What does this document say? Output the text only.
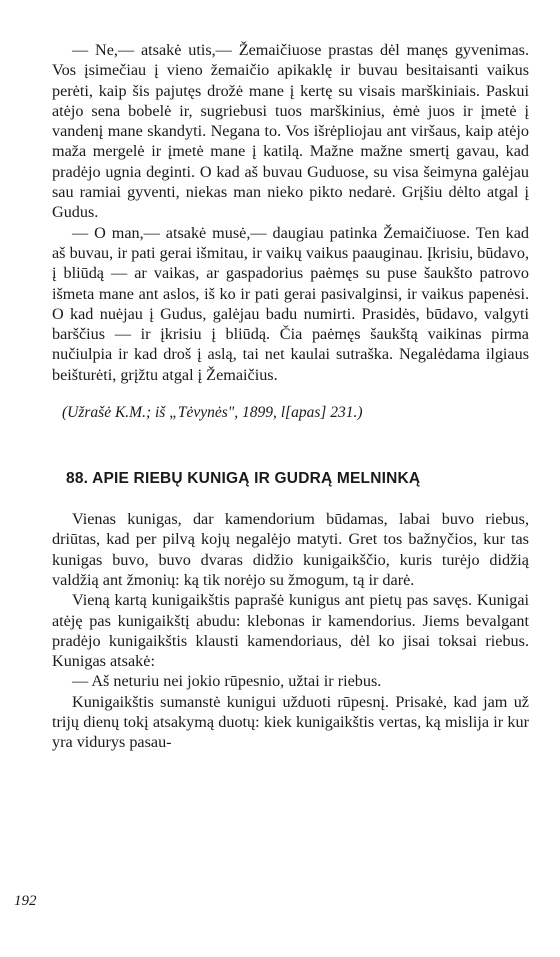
— Ne,— atsakė utis,— Žemaičiuose prastas dėl manęs gyvenimas. Vos įsimečiau į vieno žemaičio apikaklę ir buvau besitaisanti vaikus perėti, kaip šis pajutęs drožė mane į kertę su visais marškiniais. Paskui atėjo sena bobelė ir, sugriebusi tuos marškinius, ėmė juos ir įmetė į vandenį mane skandyti. Negana to. Vos išrėpliojau ant viršaus, kaip atėjo maža mergelė ir įmetė mane į katilą. Mažne mažne smertį gavau, kad pradėjo ugnia deginti. O kad aš buvau Guduose, su visa šeimyna galėjau sau ramiai gyventi, niekas man nieko pikto nedarė. Grįšiu dėlto atgal į Gudus.

— O man,— atsakė musė,— daugiau patinka Žemaičiuose. Ten kad aš buvau, ir pati gerai išmitau, ir vaikų vaikus paauginau. Įkrisiu, būdavo, į bliūdą — ar vaikas, ar gaspadorius paėmęs su puse šaukšto patrovo išmeta mane ant aslos, iš ko ir pati gerai pasivalginsi, ir vaikus papenėsi. O kad nuėjau į Gudus, galėjau badu numirti. Prasidės, būdavo, valgyti barščius — ir įkrisiu į bliūdą. Čia paėmęs šaukštą vaikinas pirma nučiulpia ir kad droš į aslą, tai net kaulai sutraška. Negalėdama ilgiaus beišturėti, grįžtu atgal į Žemaičius.

(Užrašė K.M.; iš „Tėvynės", 1899, l[apas] 231.)

88. APIE RIEBŲ KUNIGĄ IR GUDRĄ MELNINKĄ

Vienas kunigas, dar kamendorium būdamas, labai buvo riebus, driūtas, kad per pilvą kojų negalėjo matyti. Gret tos bažnyčios, kur tas kunigas buvo, buvo dvaras didžio kunigaikščio, kuris turėjo didžią valdžią ant žmonių: ką tik norėjo su žmogum, tą ir darė.

Vieną kartą kunigaikštis paprašė kunigus ant pietų pas savęs. Kunigai atėję pas kunigaikštį abudu: klebonas ir kamendorius. Jiems bevalgant pradėjo kunigaikštis klausti kamendoriaus, dėl ko jisai toksai riebus. Kunigas atsakė:

— Aš neturiu nei jokio rūpesnio, užtai ir riebus.

Kunigaikštis sumanstė kunigui užduoti rūpesnį. Prisakė, kad jam už trijų dienų tokį atsakymą duotų: kiek kunigaikštis vertas, ką mislija ir kur yra vidurys pasau-

192
